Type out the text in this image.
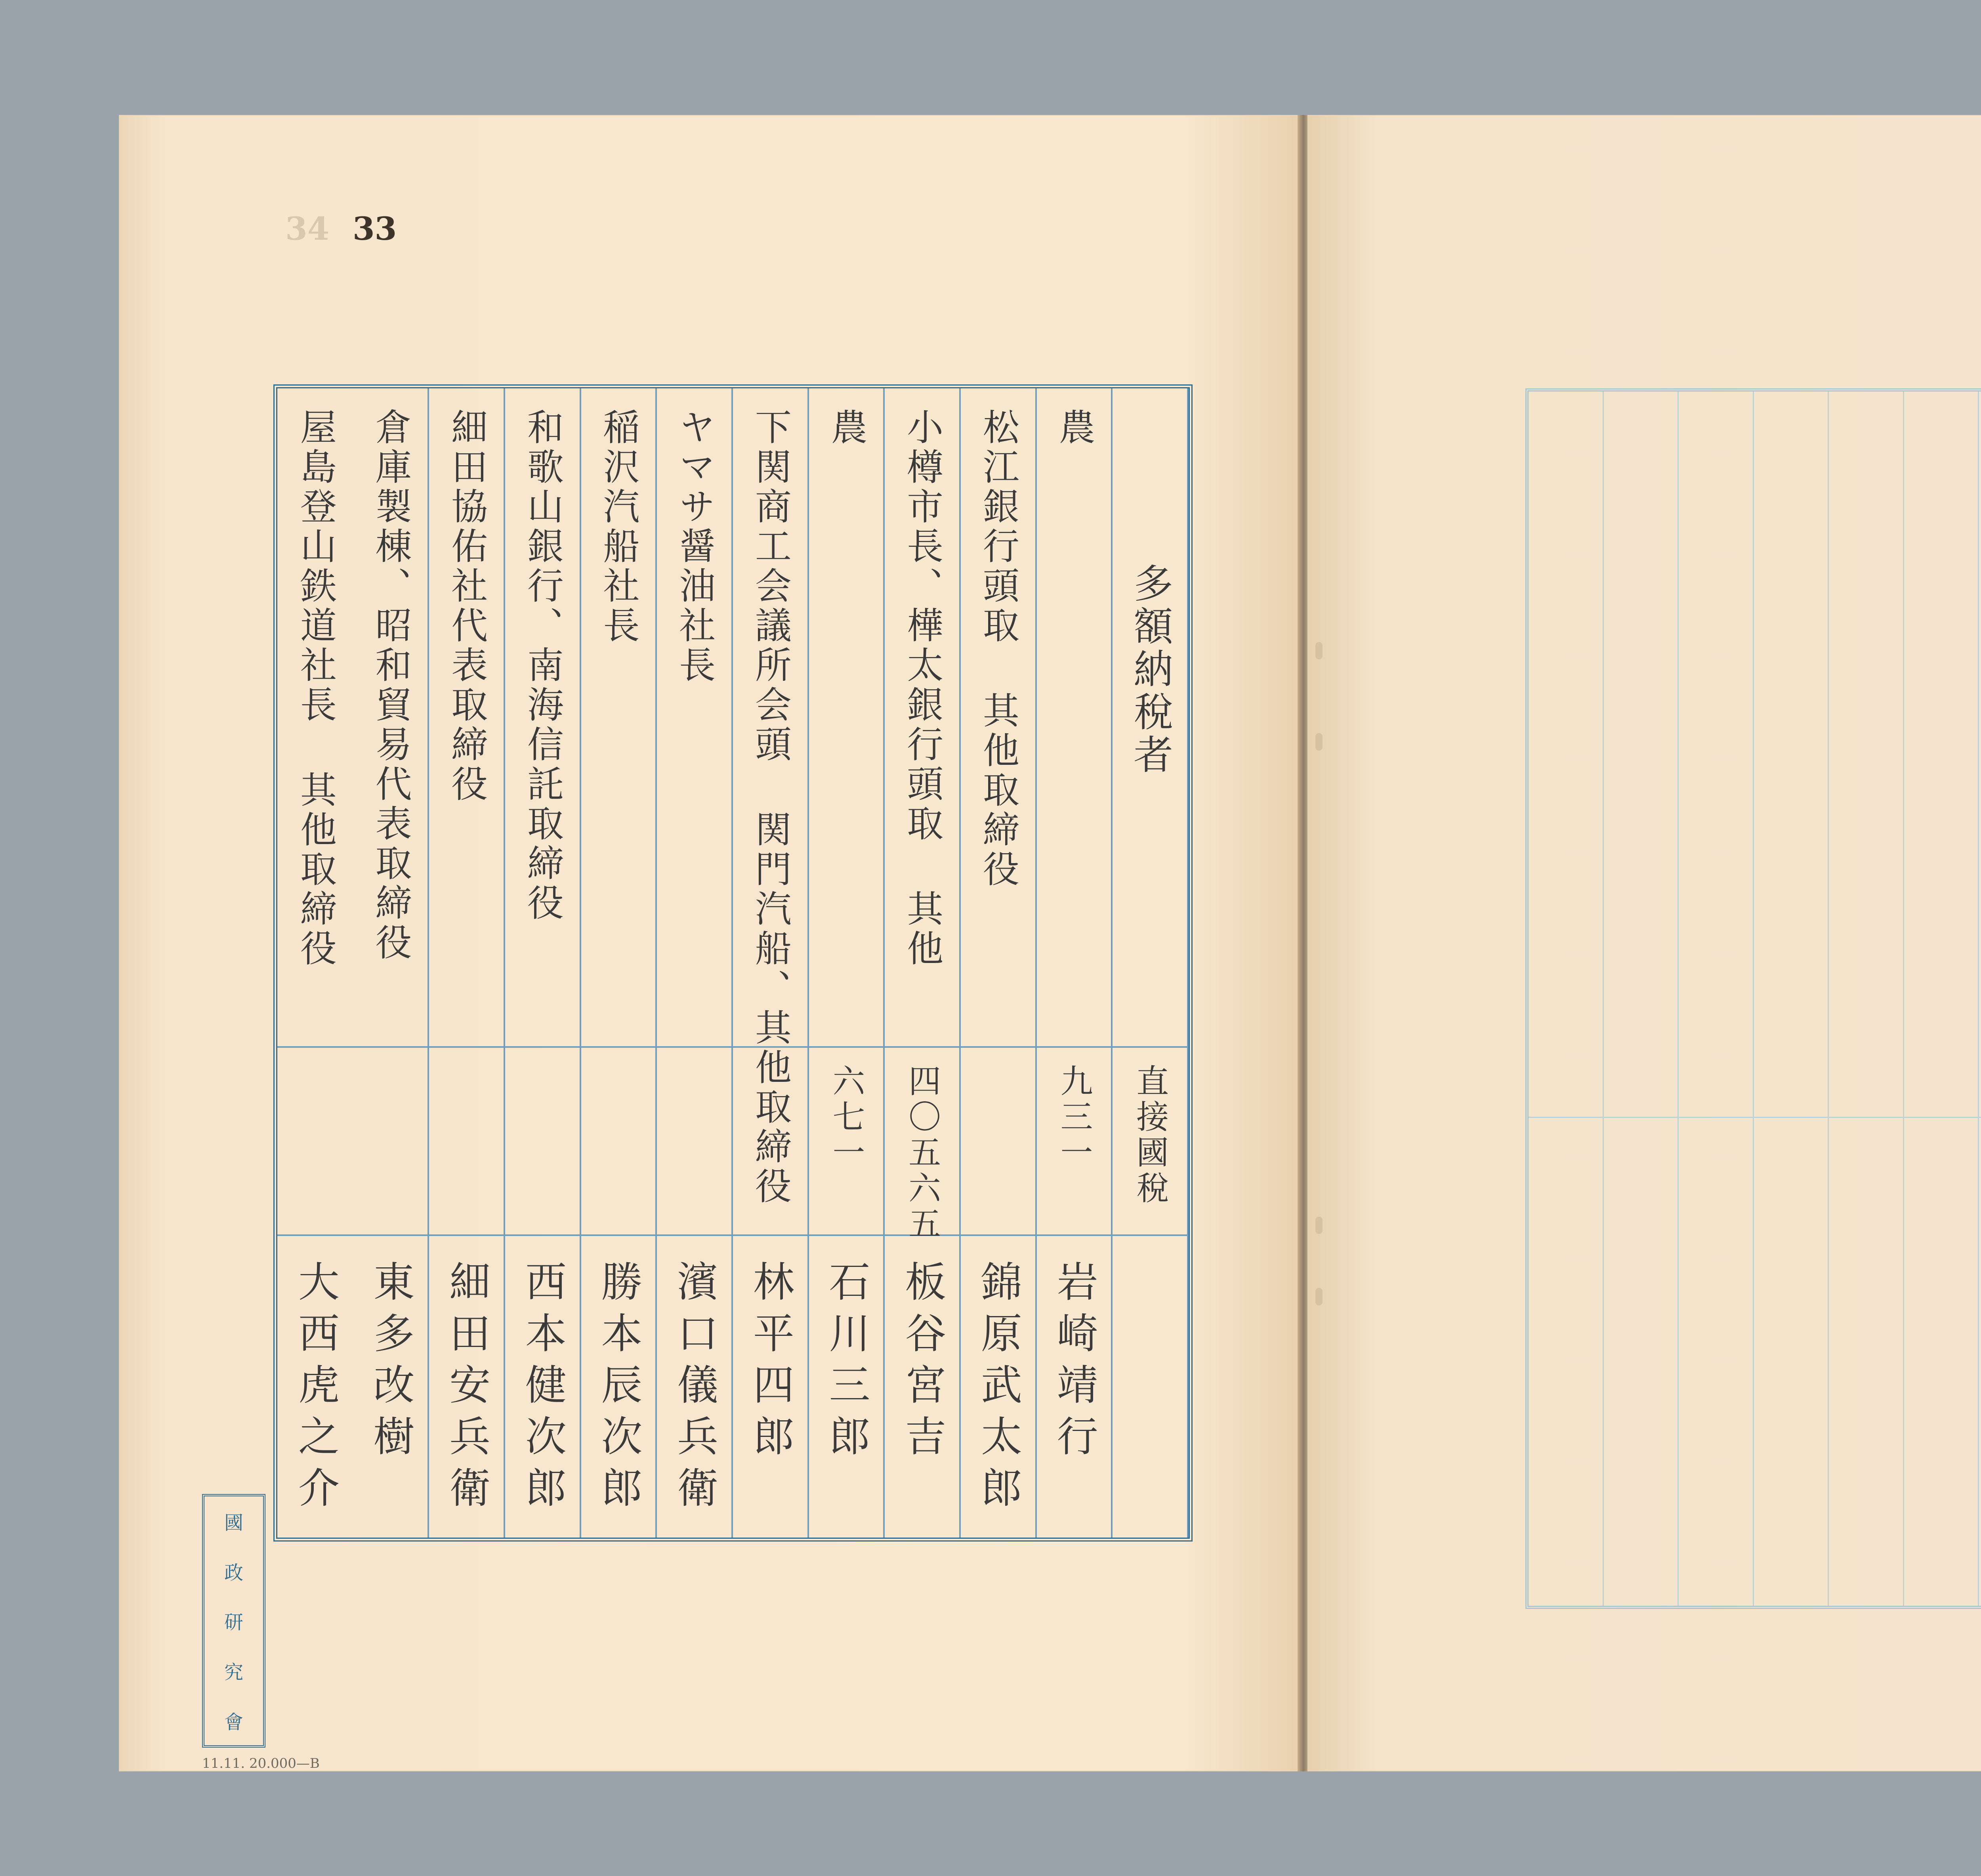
34 33
多額納稅者
直接國稅
農
九三一
岩崎靖行
松江銀行頭取 其他取締役
錦原武太郎
小樽市長、樺太銀行頭取 其他
四〇五六五
板谷宮吉
農
六七一
石川三郎
下関商工会議所会頭 関門汽船、其他取締役
林平四郎
ヤマサ醤油社長
濱口儀兵衛
稲沢汽船社長
勝本辰次郎
和歌山銀行、南海信託取締役
西本健次郎
細田協佑社代表取締役
細田安兵衛
倉庫製棟、昭和貿易代表取締役
東多改樹
屋島登山鉄道社長 其他取締役
大西虎之介
國
政
研
究
會
11.11. 20.000—B
